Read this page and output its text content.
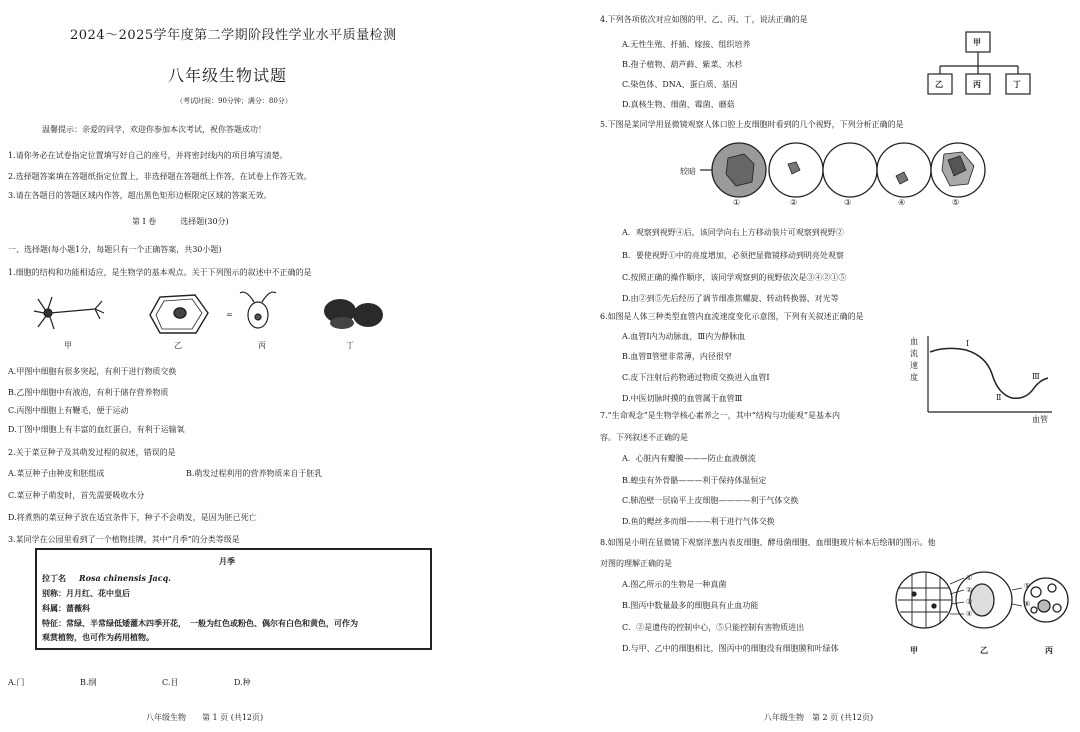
2024～2025学年度第二学期阶段性学业水平质量检测
八年级生物试题
（考试时间：90分钟；满分：80分）
温馨提示：亲爱的同学，欢迎你参加本次考试，祝你答题成功！
1.请你务必在试卷指定位置填写好自己的座号，并将密封线内的项目填写清楚。
2.选择题答案填在答题纸指定位置上，非选择题在答题纸上作答，在试卷上作答无效。
3.请在各题目的答题区域内作答，超出黑色矩形边框限定区域的答案无效。
第 Ⅰ 卷　　　选择题(30分)
一、选择题(每小题1分，每题只有一个正确答案，共30小题)
1.细胞的结构和功能相适应，是生物学的基本观点。关于下列图示的叙述中不正确的是
=
甲	乙	丙	丁
A.甲图中细胞有很多突起，有利于进行物质交换
B.乙图中细胞中有液泡，有利于储存营养物质
C.丙图中细胞上有鞭毛，便于运动
D.丁图中细胞上有丰富的血红蛋白，有利于运输氧
2.关于菜豆种子及其萌发过程的叙述，错误的是
A.菜豆种子由种皮和胚组成	B.萌发过程利用的营养物质来自于胚乳
C.菜豆种子萌发时，首先需要吸收水分
D.将煮熟的菜豆种子放在适宜条件下，种子不会萌发，是因为胚已死亡
3.某同学在公园里看到了一个植物挂牌，其中“月季”的分类等级是
月季
拉丁名 Rosa chinensis Jacq.
别称：月月红、花中皇后
科属：蔷薇科
特征：常绿、半常绿低矮灌木四季开花，　一般为红色或粉色、偶尔有白色和黄色，可作为
观赏植物，也可作为药用植物。
A.门	B.纲	C.目	D.种
八年级生物　　第 1 页 (共12页)
4.下列各项依次对应如图的甲、乙、丙、丁，说法正确的是
A.无性生殖、扦插、嫁接、组织培养
B.孢子植物、葫芦藓、紫菜、水杉
C.染色体、DNA、蛋白质、基因
D.真核生物、细菌、霉菌、蘑菇
甲
乙	丙	丁
5.下图是某同学用显微镜观察人体口腔上皮细胞时看到的几个视野，下列分析正确的是
较暗
①	②	③	④	⑤
A．观察到视野④后，该同学向右上方移动装片可观察到视野②
B．要使视野①中的亮度增加，必须把显微镜移动到明亮处观察
C.按照正确的操作顺序，该同学观察到的视野依次是③④②①⑤
D.由②到⑤先后经历了调节细准焦螺旋、转动转换器、对光等
6.如图是人体三种类型血管内血流速度变化示意图，下列有关叙述正确的是
A.血管Ⅰ内为动脉血，Ⅲ内为静脉血
B.血管Ⅱ管壁非常薄，内径很窄
C.皮下注射后药物通过物质交换进入血管Ⅰ
D.中医切脉时摸的血管属于血管Ⅲ
血 流 速 度
Ⅰ
Ⅱ
Ⅲ
血管
7.“生命观念”是生物学核心素养之一，其中“结构与功能观”是基本内
容。下列叙述不正确的是
A．心脏内有瓣膜———防止血液倒流
B.蝗虫有外骨骼———利于保持体温恒定
C.肺泡壁一层扁平上皮细胞————利于气体交换
D.鱼的鳃丝多而细———利于进行气体交换
8.如图是小明在显微镜下观察洋葱内表皮细胞、酵母菌细胞、血细胞玻片标本后绘制的图示。他
对图的理解正确的是
A.图乙所示的生物是一种真菌
B.图丙中数量最多的细胞具有止血功能
C．②是遗传的控制中心，⑤只能控制有害物质进出
D.与甲、乙中的细胞相比，图丙中的细胞没有细胞膜和叶绿体
①
②
③
④
⑤
⑥
甲	乙	丙
八年级生物　第 2 页 (共12页)
